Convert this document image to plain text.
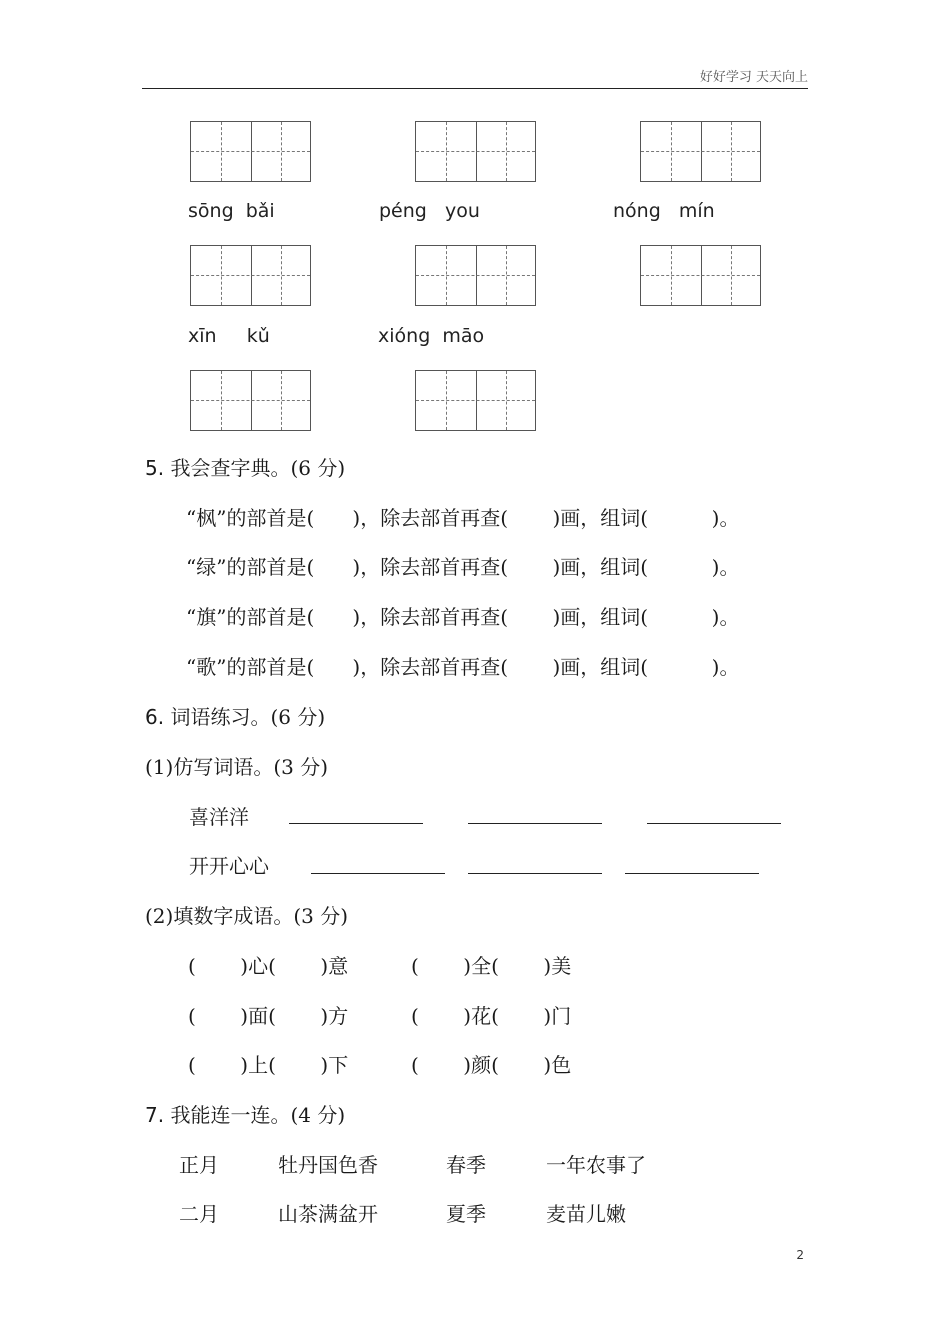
好好学习 天天向上
sōng  bǎi	péng   you	nóng   mín
xīn     kǔ	xióng  māo
5. 我会查字典。(6 分)
“枫”的部首是(      )，除去部首再查(       )画，组词(          )。
“绿”的部首是(      )，除去部首再查(       )画，组词(          )。
“旗”的部首是(      )，除去部首再查(       )画，组词(          )。
“歌”的部首是(      )，除去部首再查(       )画，组词(          )。
6. 词语练习。(6 分)
(1)仿写词语。(3 分)
喜洋洋
开开心心
(2)填数字成语。(3 分)
(       )心(       )意	(       )全(       )美
(       )面(       )方	(       )花(       )门
(       )上(       )下	(       )颜(       )色
7. 我能连一连。(4 分)
正月	牡丹国色香	春季	一年农事了
二月	山茶满盆开	夏季	麦苗儿嫩
2
